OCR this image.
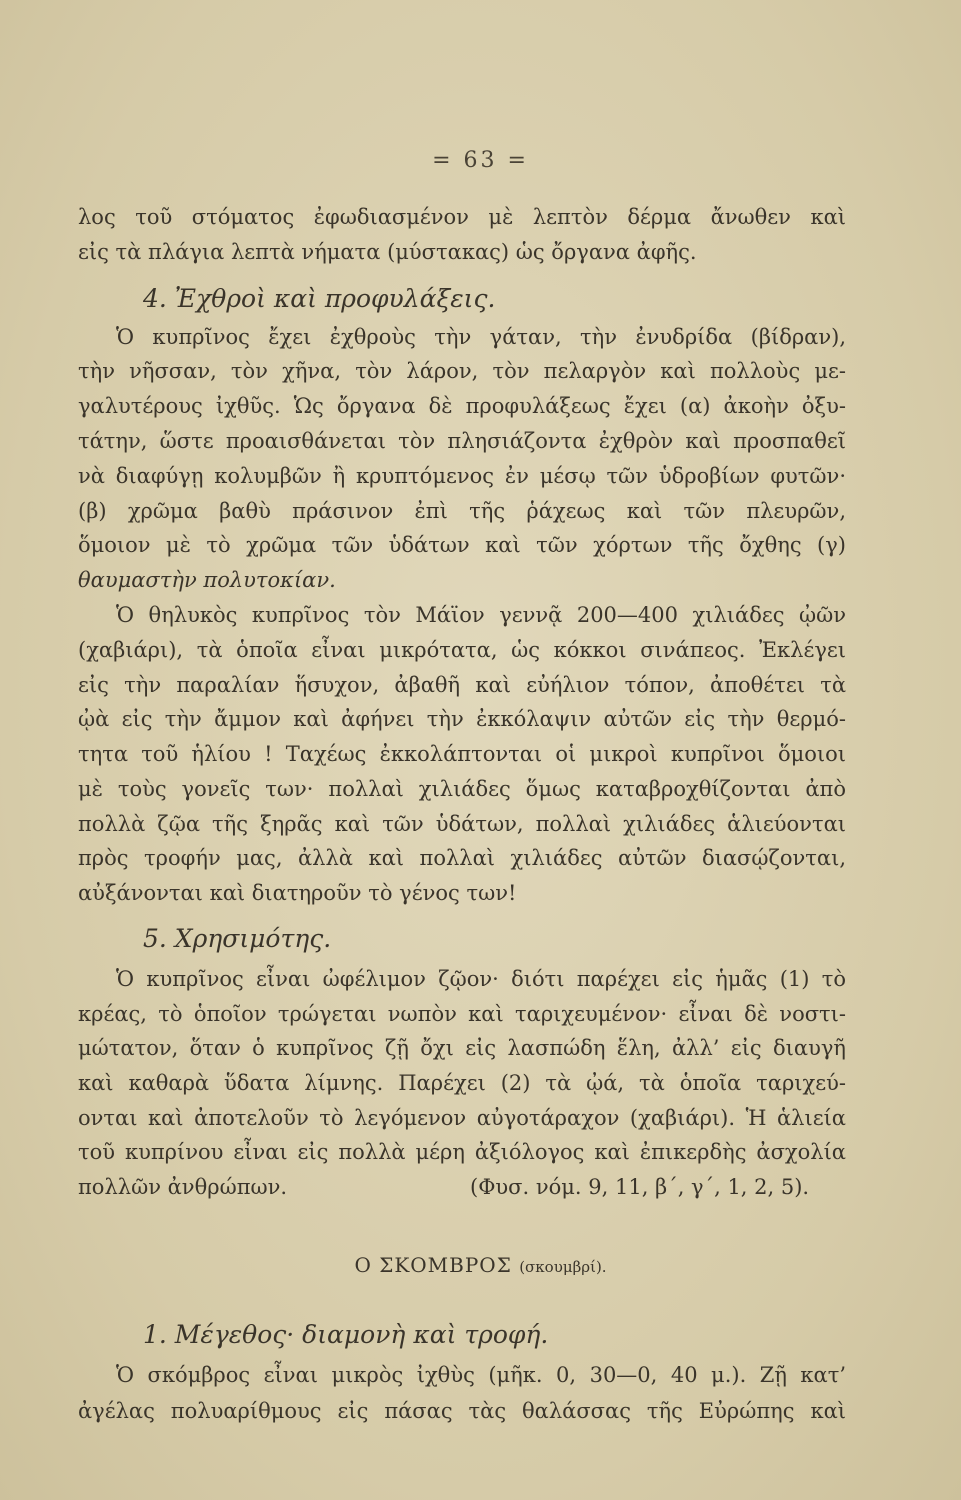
= 63 =
λος τοῦ στόματος ἐφωδιασμένον μὲ λεπτὸν δέρμα ἄνωθεν καὶ
εἰς τὰ πλάγια λεπτὰ νήματα (μύστακας) ὡς ὄργανα ἀφῆς.
4. Ἐχθροὶ καὶ προφυλάξεις.
Ὁ κυπρῖνος ἔχει ἐχθροὺς τὴν γάταν, τὴν ἐνυδρίδα (βίδραν),
τὴν νῆσσαν, τὸν χῆνα, τὸν λάρον, τὸν πελαργὸν καὶ πολλοὺς με-
γαλυτέρους ἰχθῦς. Ὡς ὄργανα δὲ προφυλάξεως ἔχει (α) ἀκοὴν ὀξυ-
τάτην, ὥστε προαισθάνεται τὸν πλησιάζοντα ἐχθρὸν καὶ προσπαθεῖ
νὰ διαφύγῃ κολυμβῶν ἢ κρυπτόμενος ἐν μέσῳ τῶν ὑδροβίων φυτῶν·
(β) χρῶμα βαθὺ πράσινον ἐπὶ τῆς ῥάχεως καὶ τῶν πλευρῶν,
ὅμοιον μὲ τὸ χρῶμα τῶν ὑδάτων καὶ τῶν χόρτων τῆς ὄχθης (γ)
θαυμαστὴν πολυτοκίαν.
Ὁ θηλυκὸς κυπρῖνος τὸν Μάϊον γεννᾷ 200—400 χιλιάδες ᾠῶν
(χαβιάρι), τὰ ὁποῖα εἶναι μικρότατα, ὡς κόκκοι σινάπεος. Ἐκλέγει
εἰς τὴν παραλίαν ἥσυχον, ἀβαθῆ καὶ εὐήλιον τόπον, ἀποθέτει τὰ
ᾠὰ εἰς τὴν ἄμμον καὶ ἀφήνει τὴν ἐκκόλαψιν αὐτῶν εἰς τὴν θερμό-
τητα τοῦ ἡλίου ! Ταχέως ἐκκολάπτονται οἱ μικροὶ κυπρῖνοι ὅμοιοι
μὲ τοὺς γονεῖς των· πολλαὶ χιλιάδες ὅμως καταβροχθίζονται ἀπὸ
πολλὰ ζῷα τῆς ξηρᾶς καὶ τῶν ὑδάτων, πολλαὶ χιλιάδες ἁλιεύονται
πρὸς τροφήν μας, ἀλλὰ καὶ πολλαὶ χιλιάδες αὐτῶν διασῴζονται,
αὐξάνονται καὶ διατηροῦν τὸ γένος των!
5. Χρησιμότης.
Ὁ κυπρῖνος εἶναι ὠφέλιμον ζῷον· διότι παρέχει εἰς ἡμᾶς (1) τὸ
κρέας, τὸ ὁποῖον τρώγεται νωπὸν καὶ ταριχευμένον· εἶναι δὲ νοστι-
μώτατον, ὅταν ὁ κυπρῖνος ζῇ ὄχι εἰς λασπώδη ἕλη, ἀλλ’ εἰς διαυγῆ
καὶ καθαρὰ ὕδατα λίμνης. Παρέχει (2) τὰ ᾠά, τὰ ὁποῖα ταριχεύ-
ονται καὶ ἀποτελοῦν τὸ λεγόμενον αὐγοτάραχον (χαβιάρι). Ἡ ἁλιεία
τοῦ κυπρίνου εἶναι εἰς πολλὰ μέρη ἀξιόλογος καὶ ἐπικερδὴς ἀσχολία
πολλῶν ἀνθρώπων.	(Φυσ. νόμ. 9, 11, β΄, γ΄, 1, 2, 5).
Ο ΣΚΟΜΒΡΟΣ (σκουμβρί).
1. Μέγεθος· διαμονὴ καὶ τροφή.
Ὁ σκόμβρος εἶναι μικρὸς ἰχθὺς (μῆκ. 0, 30—0, 40 μ.). Ζῇ κατ’
ἀγέλας πολυαρίθμους εἰς πάσας τὰς θαλάσσας τῆς Εὐρώπης καὶ
